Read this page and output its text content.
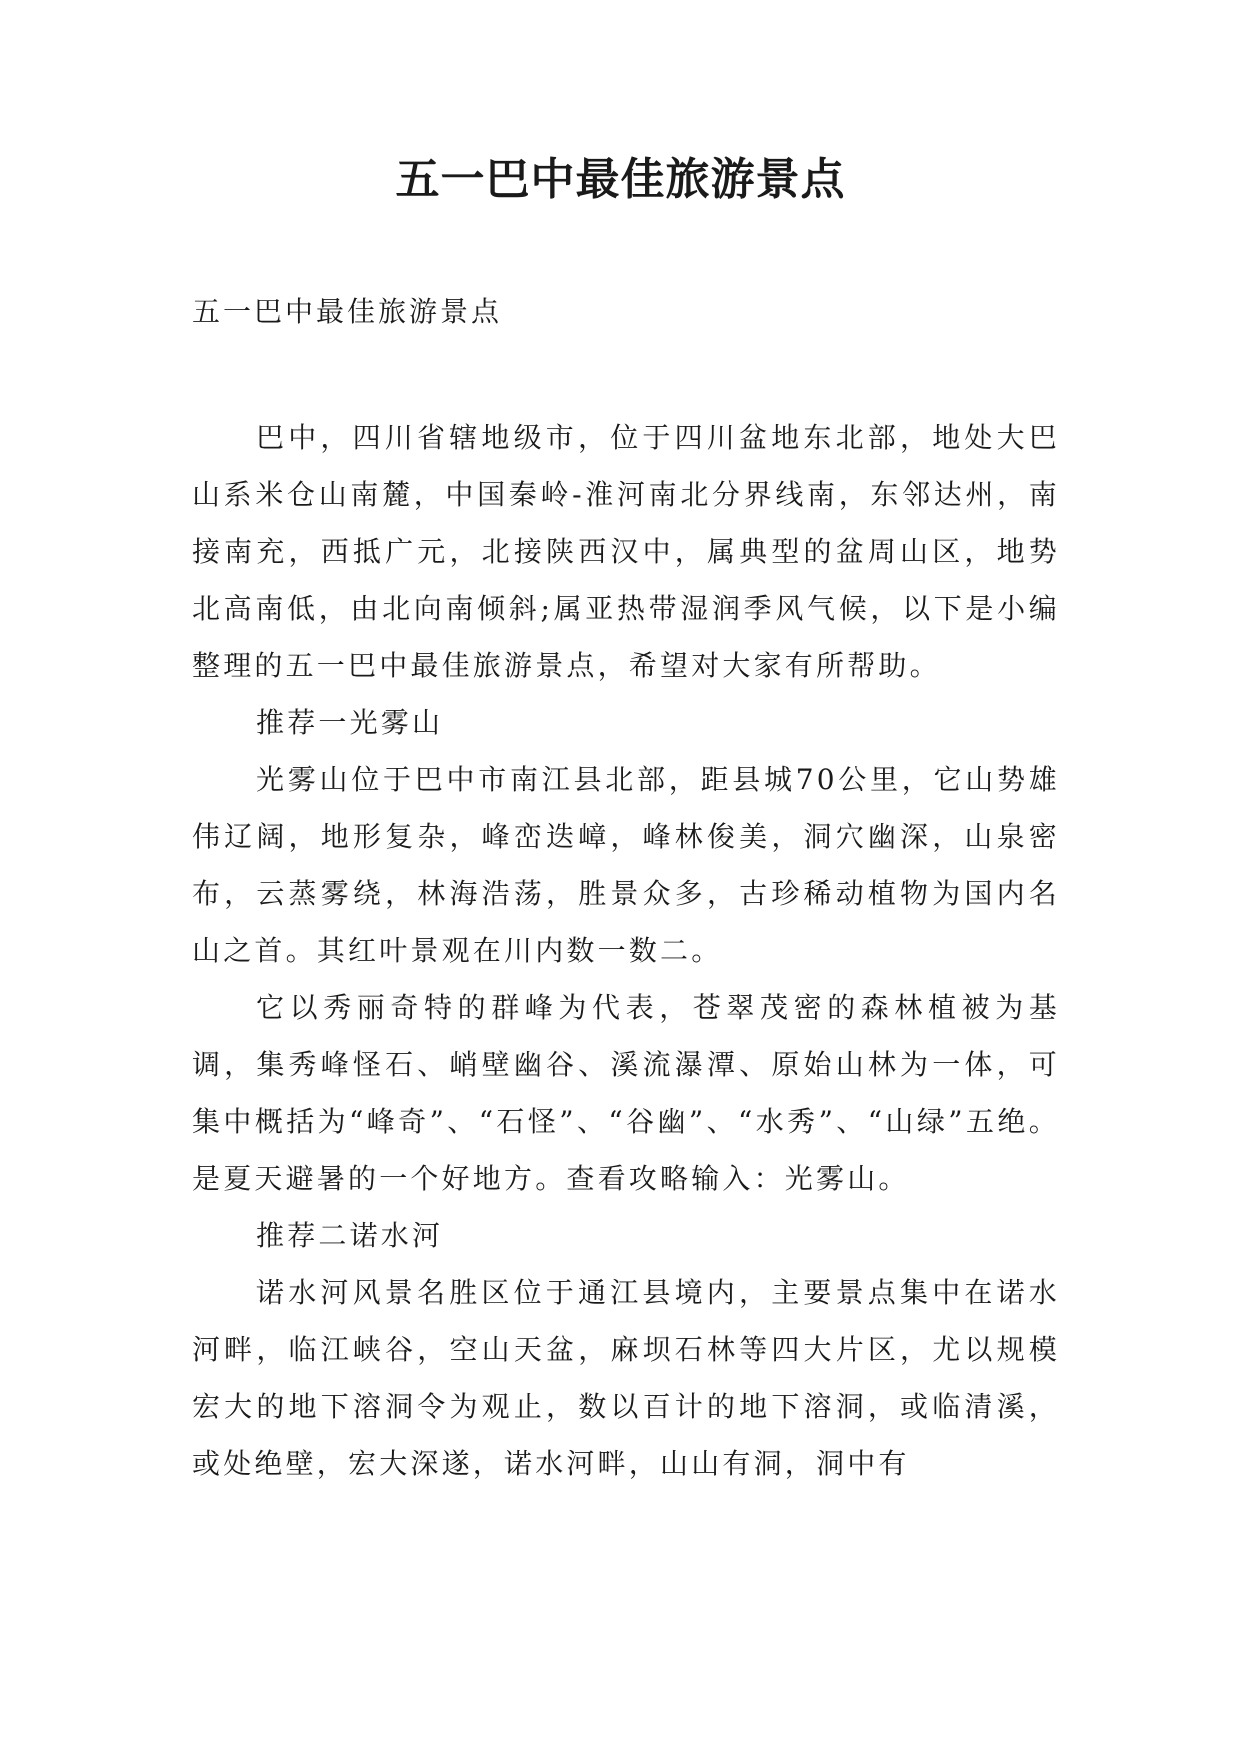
五一巴中最佳旅游景点

五一巴中最佳旅游景点

巴中，四川省辖地级市，位于四川盆地东北部，地处大巴山系米仓山南麓，中国秦岭-淮河南北分界线南，东邻达州，南接南充，西抵广元，北接陕西汉中，属典型的盆周山区，地势北高南低，由北向南倾斜;属亚热带湿润季风气候，以下是小编整理的五一巴中最佳旅游景点，希望对大家有所帮助。

推荐一光雾山

光雾山位于巴中市南江县北部，距县城70公里，它山势雄伟辽阔，地形复杂，峰峦迭嶂，峰林俊美，洞穴幽深，山泉密布，云蒸雾绕，林海浩荡，胜景众多，古珍稀动植物为国内名山之首。其红叶景观在川内数一数二。

它以秀丽奇特的群峰为代表，苍翠茂密的森林植被为基调，集秀峰怪石、峭壁幽谷、溪流瀑潭、原始山林为一体，可集中概括为“峰奇”、“石怪”、“谷幽”、“水秀”、“山绿”五绝。是夏天避暑的一个好地方。查看攻略输入：光雾山。

推荐二诺水河

诺水河风景名胜区位于通江县境内，主要景点集中在诺水河畔，临江峡谷，空山天盆，麻坝石林等四大片区，尤以规模宏大的地下溶洞令为观止，数以百计的地下溶洞，或临清溪，或处绝壁，宏大深遂，诺水河畔，山山有洞，洞中有
